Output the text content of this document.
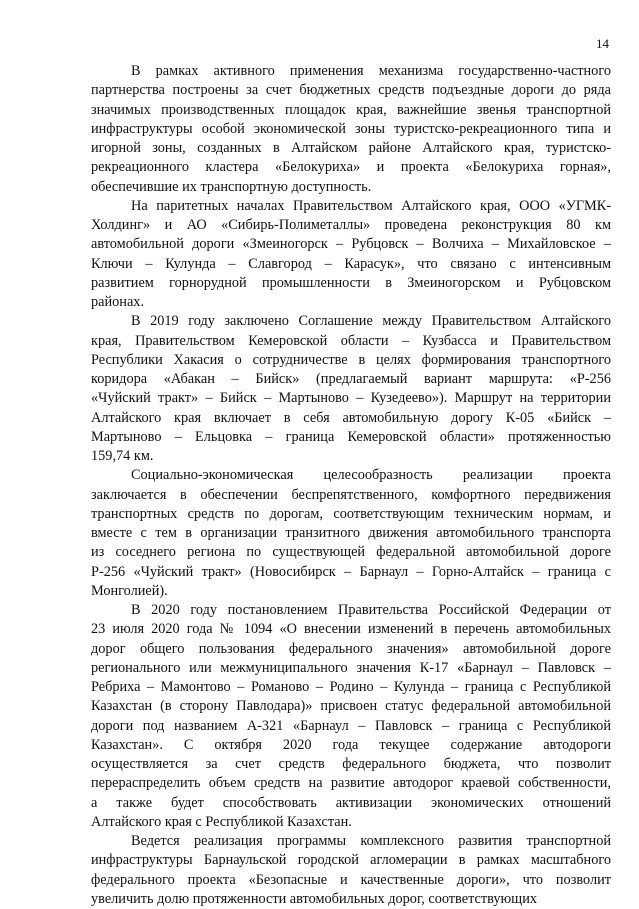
14

В рамках активного применения механизма государственно-частного
партнерства построены за счет бюджетных средств подъездные дороги до ряда
значимых производственных площадок края, важнейшие звенья транспортной
инфраструктуры особой экономической зоны туристско-рекреационного типа и
игорной зоны, созданных в Алтайском районе Алтайского края, туристско-
рекреационного кластера «Белокуриха» и проекта «Белокуриха горная»,
обеспечившие их транспортную доступность.

На паритетных началах Правительством Алтайского края, ООО «УГМК-
Холдинг» и АО «Сибирь-Полиметаллы» проведена реконструкция 80 км
автомобильной дороги «Змеиногорск – Рубцовск – Волчиха – Михайловское –
Ключи – Кулунда – Славгород – Карасук», что связано с интенсивным
развитием горнорудной промышленности в Змеиногорском и Рубцовском
районах.

В 2019 году заключено Соглашение между Правительством Алтайского
края, Правительством Кемеровской области – Кузбасса и Правительством
Республики Хакасия о сотрудничестве в целях формирования транспортного
коридора «Абакан – Бийск» (предлагаемый вариант маршрута: «Р-256
«Чуйский тракт» – Бийск – Мартыново – Кузедеево»). Маршрут на территории
Алтайского края включает в себя автомобильную дорогу К-05 «Бийск –
Мартыново – Ельцовка – граница Кемеровской области» протяженностью
159,74 км.

Социально-экономическая целесообразность реализации проекта
заключается в обеспечении беспрепятственного, комфортного передвижения
транспортных средств по дорогам, соответствующим техническим нормам, и
вместе с тем в организации транзитного движения автомобильного транспорта
из соседнего региона по существующей федеральной автомобильной дороге
Р-256 «Чуйский тракт» (Новосибирск – Барнаул – Горно-Алтайск – граница с
Монголией).

В 2020 году постановлением Правительства Российской Федерации от
23 июля 2020 года № 1094 «О внесении изменений в перечень автомобильных
дорог общего пользования федерального значения» автомобильной дороге
регионального или межмуниципального значения К-17 «Барнаул – Павловск –
Ребриха – Мамонтово – Романово – Родино – Кулунда – граница с Республикой
Казахстан (в сторону Павлодара)» присвоен статус федеральной автомобильной
дороги под названием А-321 «Барнаул – Павловск – граница с Республикой
Казахстан». С октября 2020 года текущее содержание автодороги
осуществляется за счет средств федерального бюджета, что позволит
перераспределить объем средств на развитие автодорог краевой собственности,
а также будет способствовать активизации экономических отношений
Алтайского края с Республикой Казахстан.

Ведется реализация программы комплексного развития транспортной
инфраструктуры Барнаульской городской агломерации в рамках масштабного
федерального проекта «Безопасные и качественные дороги», что позволит
увеличить долю протяженности автомобильных дорог, соответствующих
